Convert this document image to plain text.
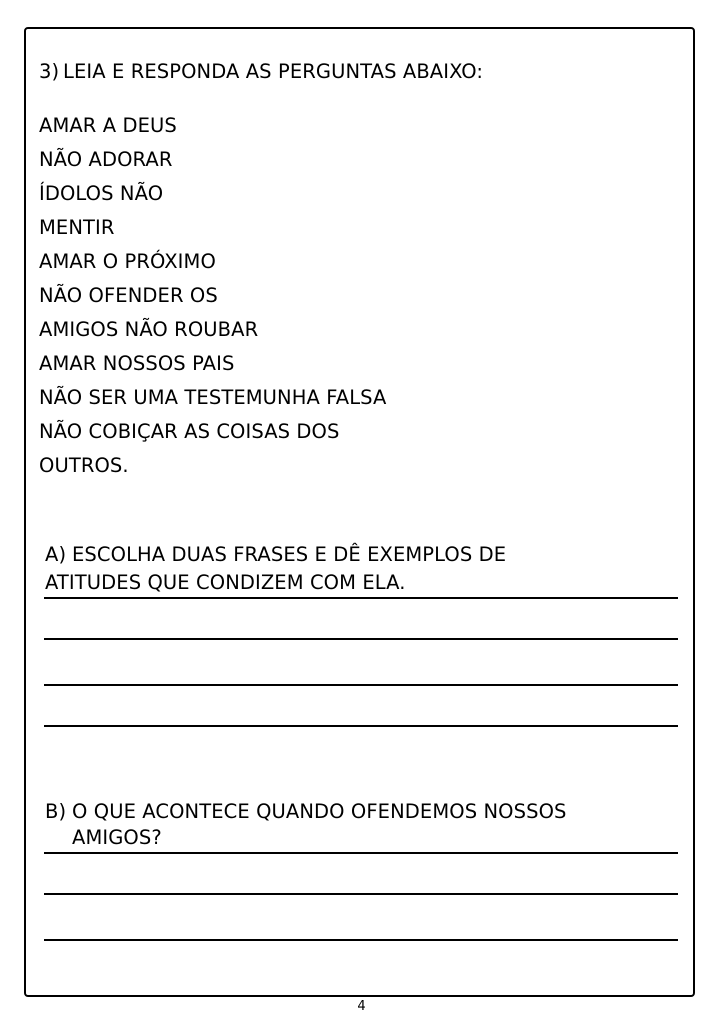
3) LEIA E RESPONDA AS PERGUNTAS ABAIXO:
AMAR A DEUS
NÃO ADORAR
ÍDOLOS NÃO
MENTIR
AMAR O PRÓXIMO
NÃO OFENDER OS
AMIGOS NÃO ROUBAR
AMAR NOSSOS PAIS
NÃO SER UMA TESTEMUNHA FALSA
NÃO COBIÇAR AS COISAS DOS
OUTROS.
A) ESCOLHA DUAS FRASES E DÊ EXEMPLOS DE
ATITUDES QUE CONDIZEM COM ELA.
B) O QUE ACONTECE QUANDO OFENDEMOS NOSSOS
AMIGOS?
4
